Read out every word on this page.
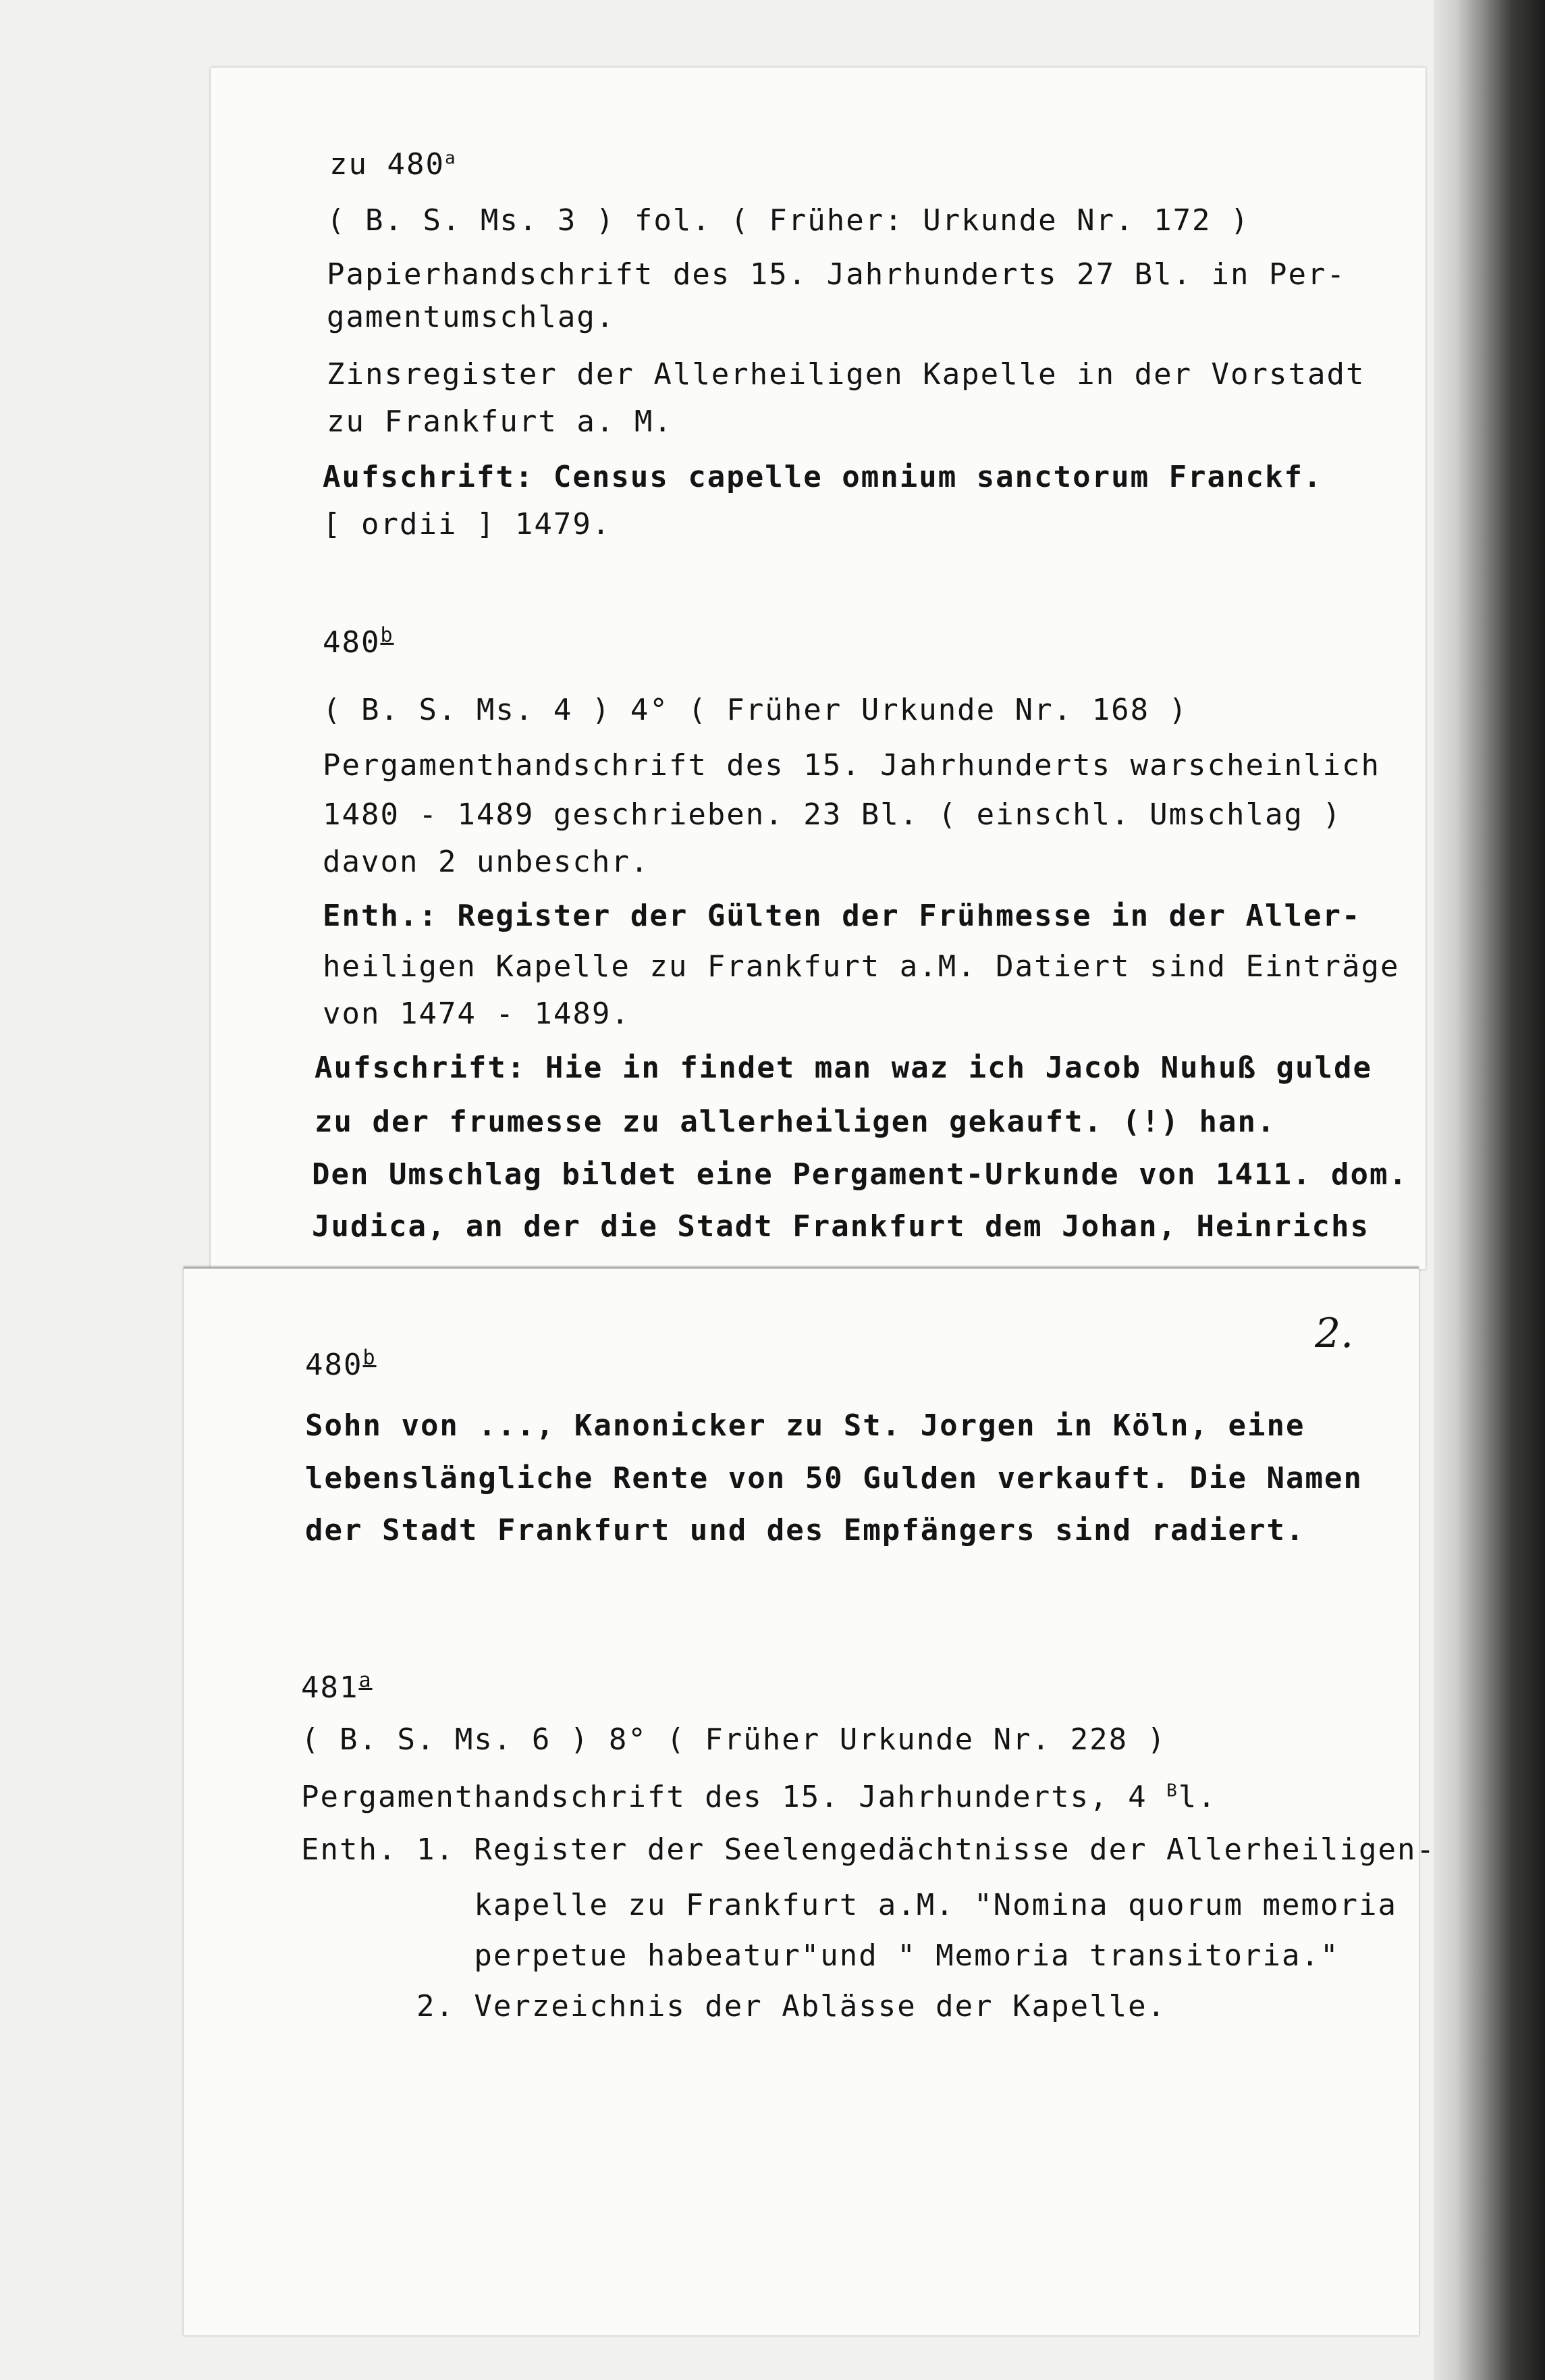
zu 480$^a$
( B. S. Ms. 3 ) fol. ( Früher: Urkunde Nr. 172 )
Papierhandschrift des 15. Jahrhunderts 27 Bl. in Per-
gamentumschlag.
Zinsregister der Allerheiligen Kapelle in der Vorstadt
zu Frankfurt a. M.
Aufschrift: Census capelle omnium sanctorum Franckf.
[ ordii ] 1479.
480$^b$
( B. S. Ms. 4 ) 4° ( Früher Urkunde Nr. 168 )
Pergamenthandschrift des 15. Jahrhunderts warscheinlich
1480 - 1489 geschrieben. 23 Bl. ( einschl. Umschlag )
davon 2 unbeschr.
Enth.: Register der Gülten der Frühmesse in der Aller-
heiligen Kapelle zu Frankfurt a.M. Datiert sind Einträge
von 1474 - 1489.
Aufschrift: Hie in findet man waz ich Jacob Nuhuß gulde
zu der frumesse zu allerheiligen gekauft. (!) han.
Den Umschlag bildet eine Pergament-Urkunde von 1411. dom.
Judica, an der die Stadt Frankfurt dem Johan, Heinrichs
2.
480$^b$
Sohn von ..., Kanonicker zu St. Jorgen in Köln, eine
lebenslängliche Rente von 50 Gulden verkauft. Die Namen
der Stadt Frankfurt und des Empfängers sind radiert.
481$^a$
( B. S. Ms. 6 ) 8° ( Früher Urkunde Nr. 228 )
Pergamenthandschrift des 15. Jahrhunderts, 4 $^B$l.
Enth. 1. Register der Seelengedächtnisse der Allerheiligen-
kapelle zu Frankfurt a.M. "Nomina quorum memoria
perpetue habeatur"und " Memoria transitoria."
2. Verzeichnis der Ablässe der Kapelle.
